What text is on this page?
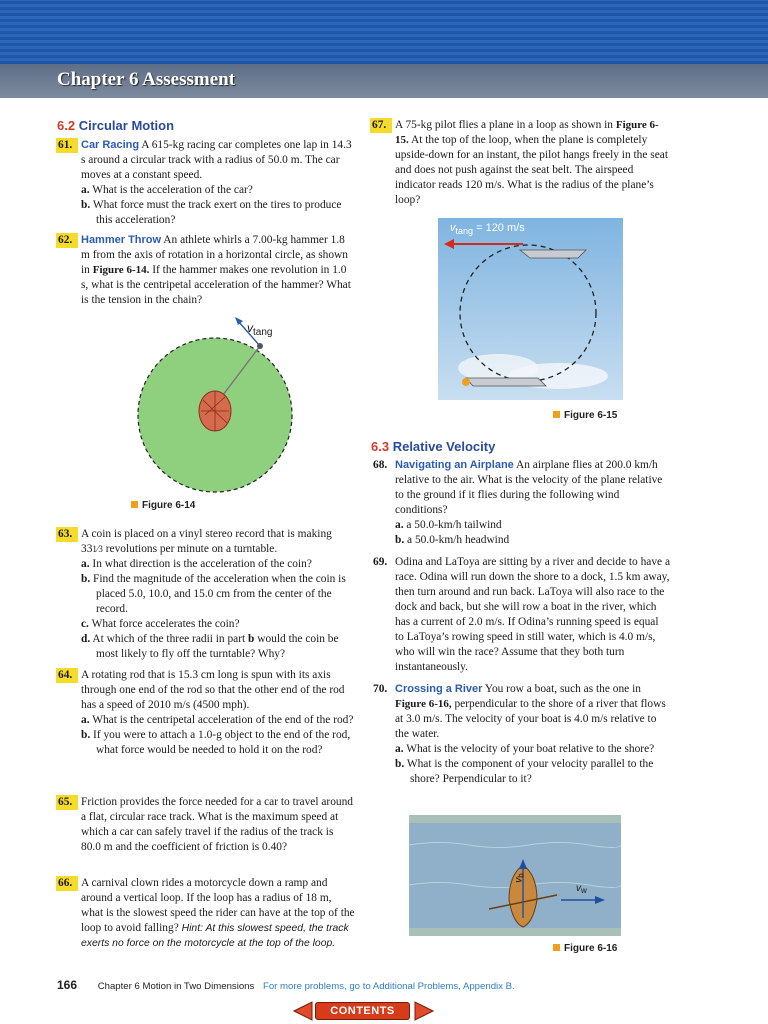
Chapter 6 Assessment
6.2 Circular Motion
61. Car Racing A 615-kg racing car completes one lap in 14.3 s around a circular track with a radius of 50.0 m. The car moves at a constant speed.
a. What is the acceleration of the car?
b. What force must the track exert on the tires to produce this acceleration?
62. Hammer Throw An athlete whirls a 7.00-kg hammer 1.8 m from the axis of rotation in a horizontal circle, as shown in Figure 6-14. If the hammer makes one revolution in 1.0 s, what is the centripetal acceleration of the hammer? What is the tension in the chain?
$v_{tang}$
Figure 6-14
63. A coin is placed on a vinyl stereo record that is making 331⁄3 revolutions per minute on a turntable.
a. In what direction is the acceleration of the coin?
b. Find the magnitude of the acceleration when the coin is placed 5.0, 10.0, and 15.0 cm from the center of the record.
c. What force accelerates the coin?
d. At which of the three radii in part b would the coin be most likely to fly off the turntable? Why?
64. A rotating rod that is 15.3 cm long is spun with its axis through one end of the rod so that the other end of the rod has a speed of 2010 m/s (4500 mph).
a. What is the centripetal acceleration of the end of the rod?
b. If you were to attach a 1.0-g object to the end of the rod, what force would be needed to hold it on the rod?
65. Friction provides the force needed for a car to travel around a flat, circular race track. What is the maximum speed at which a car can safely travel if the radius of the track is 80.0 m and the coefficient of friction is 0.40?
66. A carnival clown rides a motorcycle down a ramp and around a vertical loop. If the loop has a radius of 18 m, what is the slowest speed the rider can have at the top of the loop to avoid falling? Hint: At this slowest speed, the track exerts no force on the motorcycle at the top of the loop.
67. A 75-kg pilot flies a plane in a loop as shown in Figure 6-15. At the top of the loop, when the plane is completely upside-down for an instant, the pilot hangs freely in the seat and does not push against the seat belt. The airspeed indicator reads 120 m/s. What is the radius of the plane’s loop?
$v_{tang} = 120$ m/s
Figure 6-15
6.3 Relative Velocity
68. Navigating an Airplane An airplane flies at 200.0 km/h relative to the air. What is the velocity of the plane relative to the ground if it flies during the following wind conditions?
a. a 50.0-km/h tailwind
b. a 50.0-km/h headwind
69. Odina and LaToya are sitting by a river and decide to have a race. Odina will run down the shore to a dock, 1.5 km away, then turn around and run back. LaToya will also race to the dock and back, but she will row a boat in the river, which has a current of 2.0 m/s. If Odina’s running speed is equal to LaToya’s rowing speed in still water, which is 4.0 m/s, who will win the race? Assume that they both turn instantaneously.
70. Crossing a River You row a boat, such as the one in Figure 6-16, perpendicular to the shore of a river that flows at 3.0 m/s. The velocity of your boat is 4.0 m/s relative to the water.
a. What is the velocity of your boat relative to the shore?
b. What is the component of your velocity parallel to the shore? Perpendicular to it?
$v_b$
$v_w$
Figure 6-16
166 Chapter 6 Motion in Two Dimensions For more problems, go to Additional Problems, Appendix B.
CONTENTS
